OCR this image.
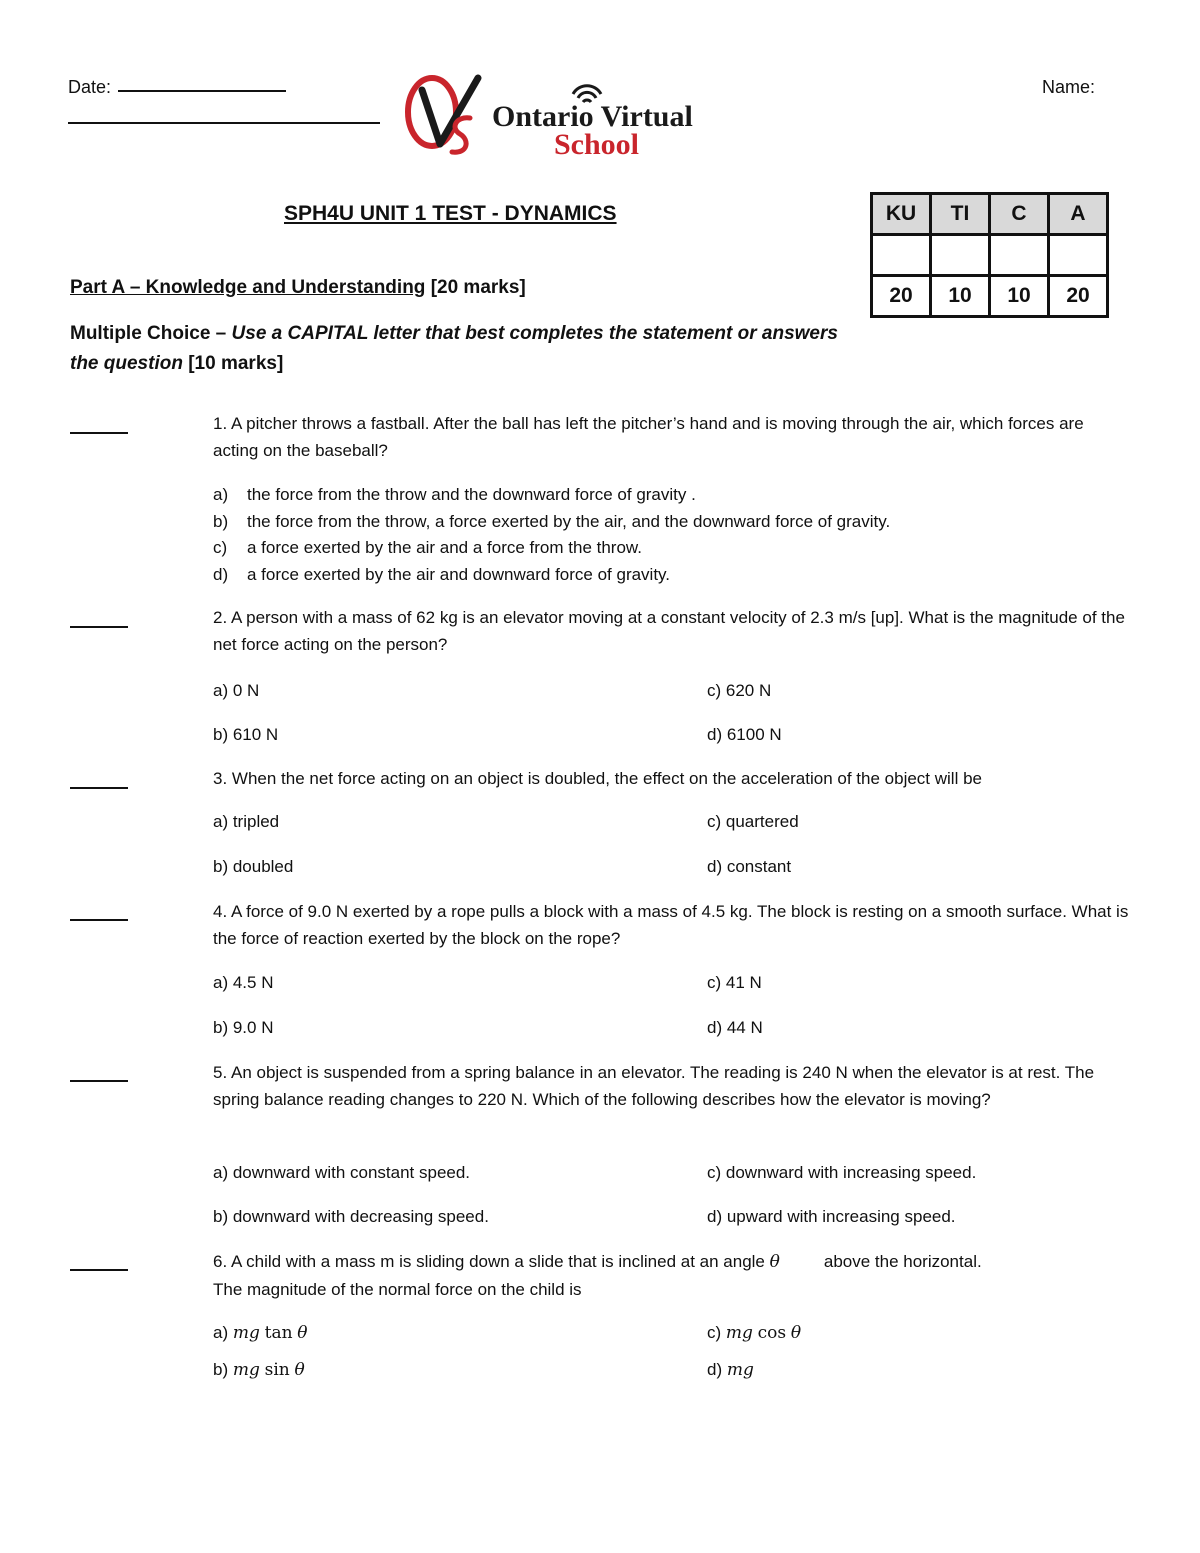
Date:	Name:
Ontario Virtual
School
SPH4U UNIT 1 TEST - DYNAMICS
Part A – Knowledge and Understanding [20 marks]
Multiple Choice – Use a CAPITAL letter that best completes the statement or answers the question [10 marks]
KU	TI	C	A

20	10	10	20
1. A pitcher throws a fastball. After the ball has left the pitcher’s hand and is moving through the air, which forces are acting on the baseball?
a) the force from the throw and the downward force of gravity .
b) the force from the throw, a force exerted by the air, and the downward force of gravity.
c) a force exerted by the air and a force from the throw.
d) a force exerted by the air and downward force of gravity.
2. A person with a mass of 62 kg is an elevator moving at a constant velocity of 2.3 m/s [up]. What is the magnitude of the net force acting on the person?
a) 0 N	c) 620 N
b) 610 N	d) 6100 N
3. When the net force acting on an object is doubled, the effect on the acceleration of the object will be
a) tripled	c) quartered
b) doubled	d) constant
4. A force of 9.0 N exerted by a rope pulls a block with a mass of 4.5 kg. The block is resting on a smooth surface. What is the force of reaction exerted by the block on the rope?
a) 4.5 N	c) 41 N
b) 9.0 N	d) 44 N
5. An object is suspended from a spring balance in an elevator. The reading is 240 N when the elevator is at rest. The spring balance reading changes to 220 N. Which of the following describes how the elevator is moving?
a) downward with constant speed.	c) downward with increasing speed.
b) downward with decreasing speed.	d) upward with increasing speed.
6. A child with a mass m is sliding down a slide that is inclined at an angle θ	above the horizontal.
The magnitude of the normal force on the child is
a) mg tan θ	c) mg cos θ
b) mg sin θ	d) mg
